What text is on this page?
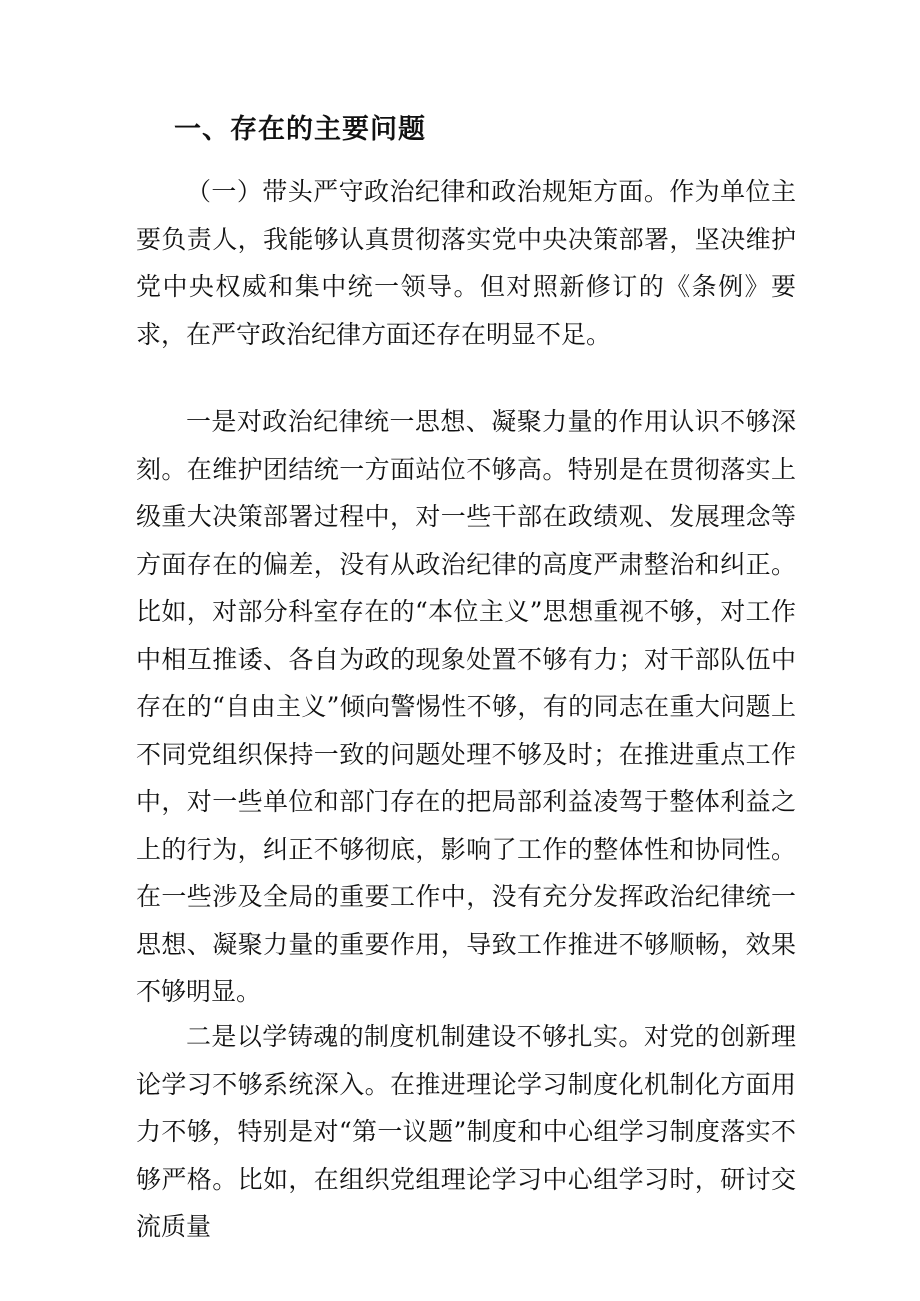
一、存在的主要问题

（一）带头严守政治纪律和政治规矩方面。作为单位主要负责人，我能够认真贯彻落实党中央决策部署，坚决维护党中央权威和集中统一领导。但对照新修订的《条例》要求，在严守政治纪律方面还存在明显不足。

一是对政治纪律统一思想、凝聚力量的作用认识不够深刻。在维护团结统一方面站位不够高。特别是在贯彻落实上级重大决策部署过程中，对一些干部在政绩观、发展理念等方面存在的偏差，没有从政治纪律的高度严肃整治和纠正。比如，对部分科室存在的“本位主义”思想重视不够，对工作中相互推诿、各自为政的现象处置不够有力；对干部队伍中存在的“自由主义”倾向警惕性不够，有的同志在重大问题上不同党组织保持一致的问题处理不够及时；在推进重点工作中，对一些单位和部门存在的把局部利益凌驾于整体利益之上的行为，纠正不够彻底，影响了工作的整体性和协同性。在一些涉及全局的重要工作中，没有充分发挥政治纪律统一思想、凝聚力量的重要作用，导致工作推进不够顺畅，效果不够明显。

二是以学铸魂的制度机制建设不够扎实。对党的创新理论学习不够系统深入。在推进理论学习制度化机制化方面用力不够，特别是对“第一议题”制度和中心组学习制度落实不够严格。比如，在组织党组理论学习中心组学习时，研讨交流质量
